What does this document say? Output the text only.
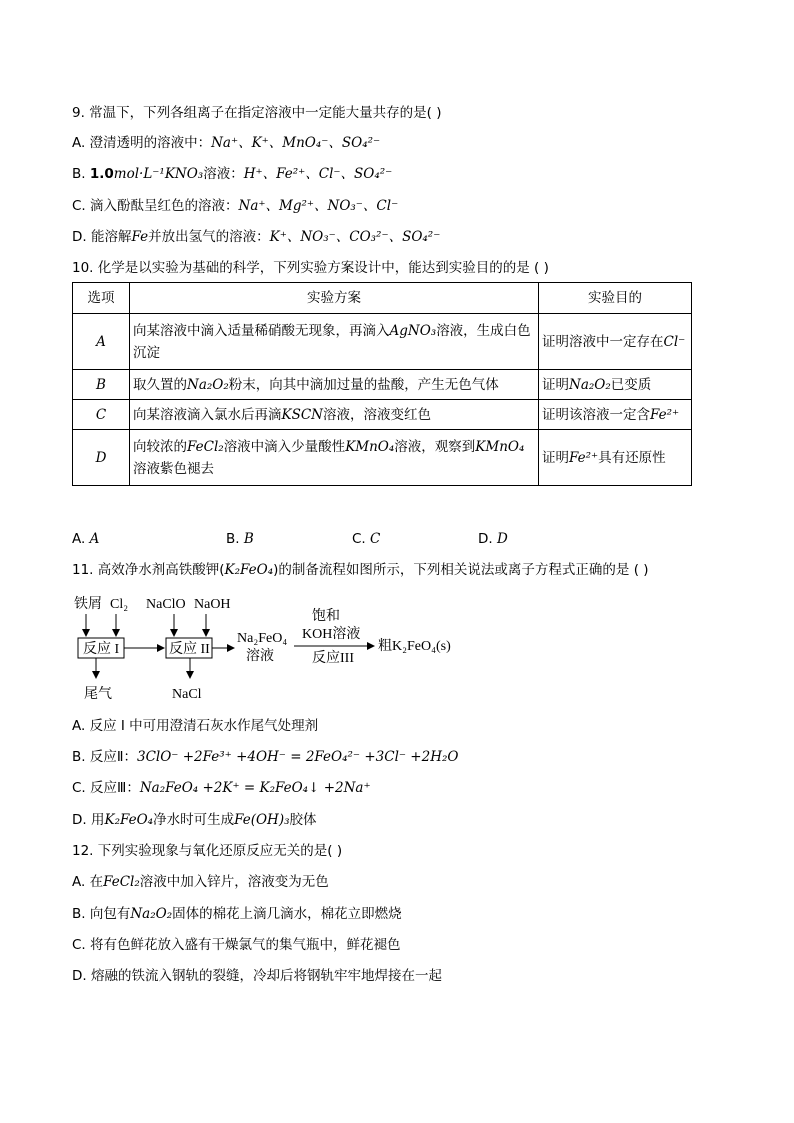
9. 常温下，下列各组离子在指定溶液中一定能大量共存的是( )
A. 澄清透明的溶液中：Na⁺、K⁺、MnO₄⁻、SO₄²⁻
B. 1.0mol·L⁻¹KNO₃溶液：H⁺、Fe²⁺、Cl⁻、SO₄²⁻
C. 滴入酚酞呈红色的溶液：Na⁺、Mg²⁺、NO₃⁻、Cl⁻
D. 能溶解Fe并放出氢气的溶液：K⁺、NO₃⁻、CO₃²⁻、SO₄²⁻
10. 化学是以实验为基础的科学，下列实验方案设计中，能达到实验目的的是 ( )
选项	实验方案	实验目的
A	向某溶液中滴入适量稀硝酸无现象，再滴入AgNO₃溶液，生成白色沉淀	证明溶液中一定存在Cl⁻
B	取久置的Na₂O₂粉末，向其中滴加过量的盐酸，产生无色气体	证明Na₂O₂已变质
C	向某溶液滴入氯水后再滴KSCN溶液，溶液变红色	证明该溶液一定含Fe²⁺
D	向较浓的FeCl₂溶液中滴入少量酸性KMnO₄溶液，观察到KMnO₄溶液紫色褪去	证明Fe²⁺具有还原性
A. A	B. B	C. C	D. D
11. 高效净水剂高铁酸钾(K₂FeO₄)的制备流程如图所示，下列相关说法或离子方程式正确的是 ( )
铁屑 Cl₂ NaClO NaOH
反应 I	反应 II
Na₂FeO₄
溶液
饱和
KOH溶液
反应III
粗K₂FeO₄(s)
尾气	NaCl
A. 反应 I 中可用澄清石灰水作尾气处理剂
B. 反应Ⅱ：3ClO⁻ +2Fe³⁺ +4OH⁻ = 2FeO₄²⁻ +3Cl⁻ +2H₂O
C. 反应Ⅲ：Na₂FeO₄ +2K⁺ = K₂FeO₄↓ +2Na⁺
D. 用K₂FeO₄净水时可生成Fe(OH)₃胶体
12. 下列实验现象与氧化还原反应无关的是( )
A. 在FeCl₂溶液中加入锌片，溶液变为无色
B. 向包有Na₂O₂固体的棉花上滴几滴水，棉花立即燃烧
C. 将有色鲜花放入盛有干燥氯气的集气瓶中，鲜花褪色
D. 熔融的铁流入钢轨的裂缝，冷却后将钢轨牢牢地焊接在一起
